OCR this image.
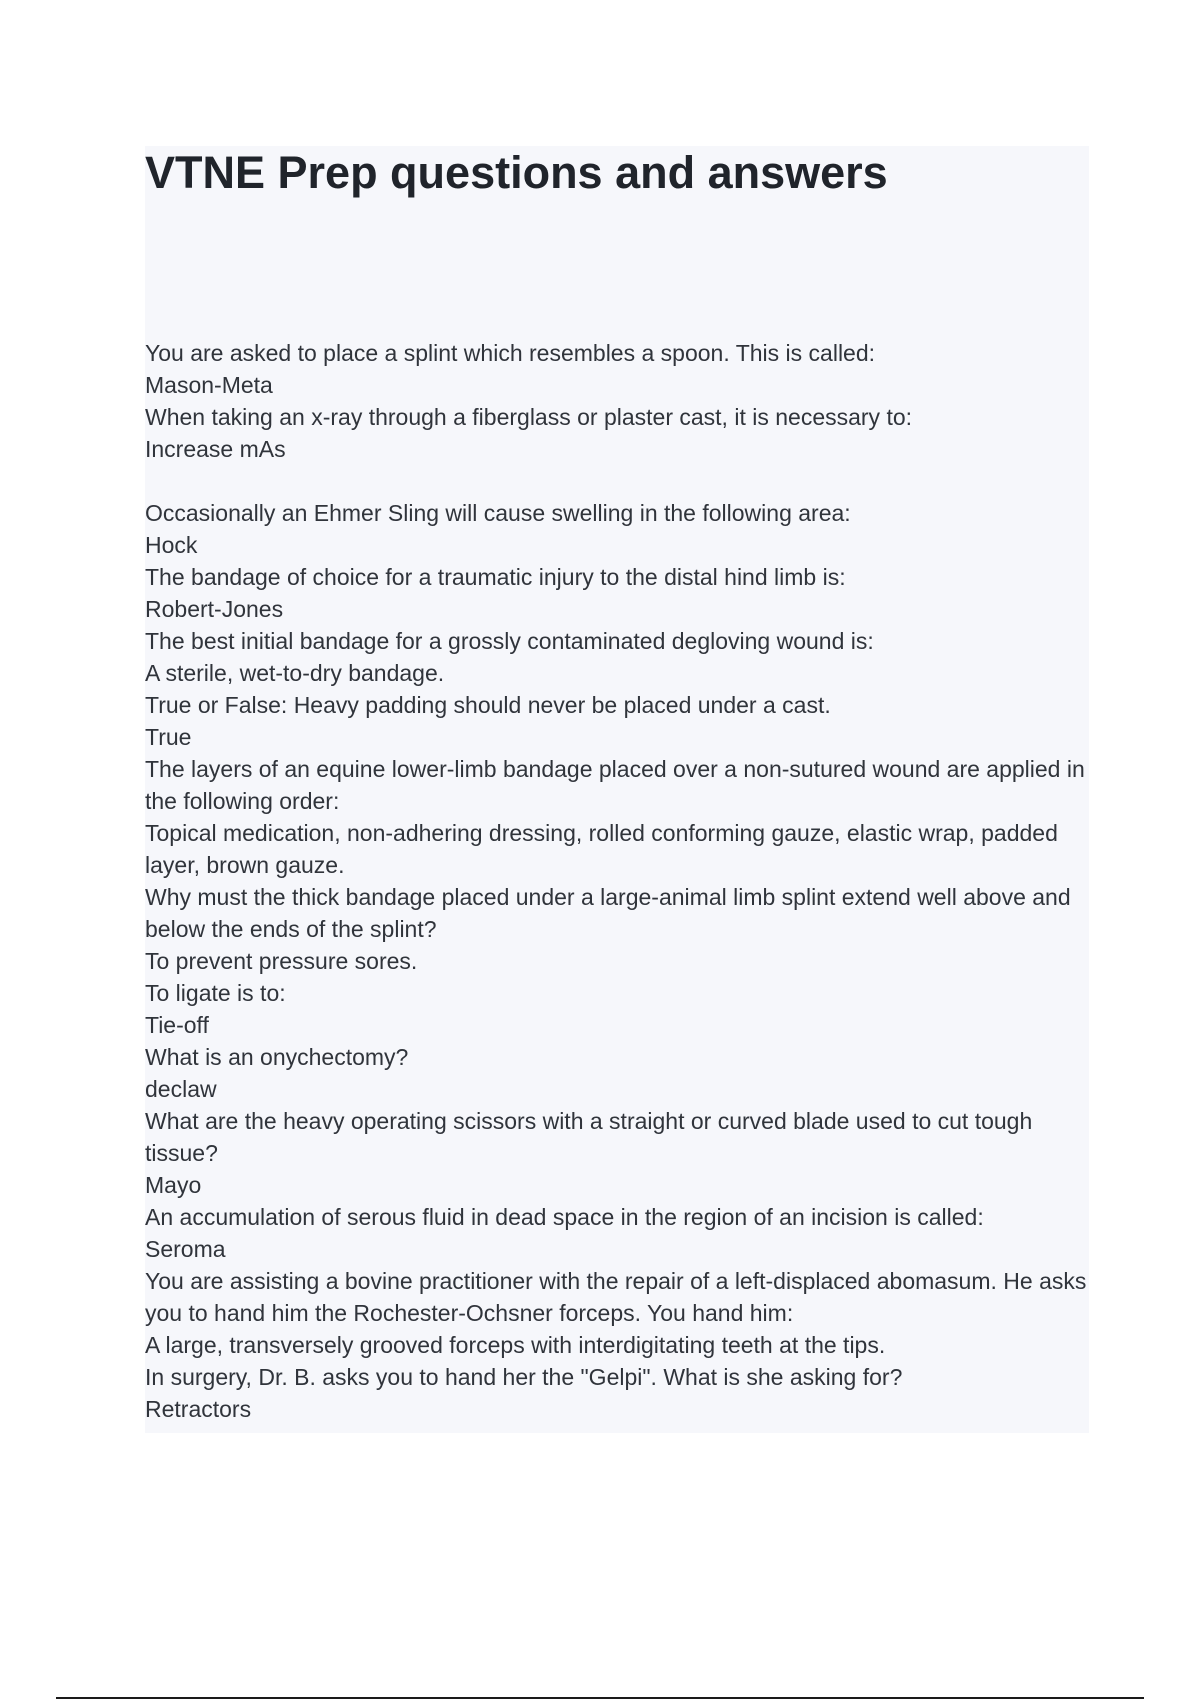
VTNE Prep questions and answers
You are asked to place a splint which resembles a spoon. This is called:
Mason-Meta
When taking an x-ray through a fiberglass or plaster cast, it is necessary to:
Increase mAs
Occasionally an Ehmer Sling will cause swelling in the following area:
Hock
The bandage of choice for a traumatic injury to the distal hind limb is:
Robert-Jones
The best initial bandage for a grossly contaminated degloving wound is:
A sterile, wet-to-dry bandage.
True or False: Heavy padding should never be placed under a cast.
True
The layers of an equine lower-limb bandage placed over a non-sutured wound are applied in the following order:
Topical medication, non-adhering dressing, rolled conforming gauze, elastic wrap, padded layer, brown gauze.
Why must the thick bandage placed under a large-animal limb splint extend well above and below the ends of the splint?
To prevent pressure sores.
To ligate is to:
Tie-off
What is an onychectomy?
declaw
What are the heavy operating scissors with a straight or curved blade used to cut tough tissue?
Mayo
An accumulation of serous fluid in dead space in the region of an incision is called:
Seroma
You are assisting a bovine practitioner with the repair of a left-displaced abomasum. He asks you to hand him the Rochester-Ochsner forceps. You hand him:
A large, transversely grooved forceps with interdigitating teeth at the tips.
In surgery, Dr. B. asks you to hand her the "Gelpi". What is she asking for?
Retractors
